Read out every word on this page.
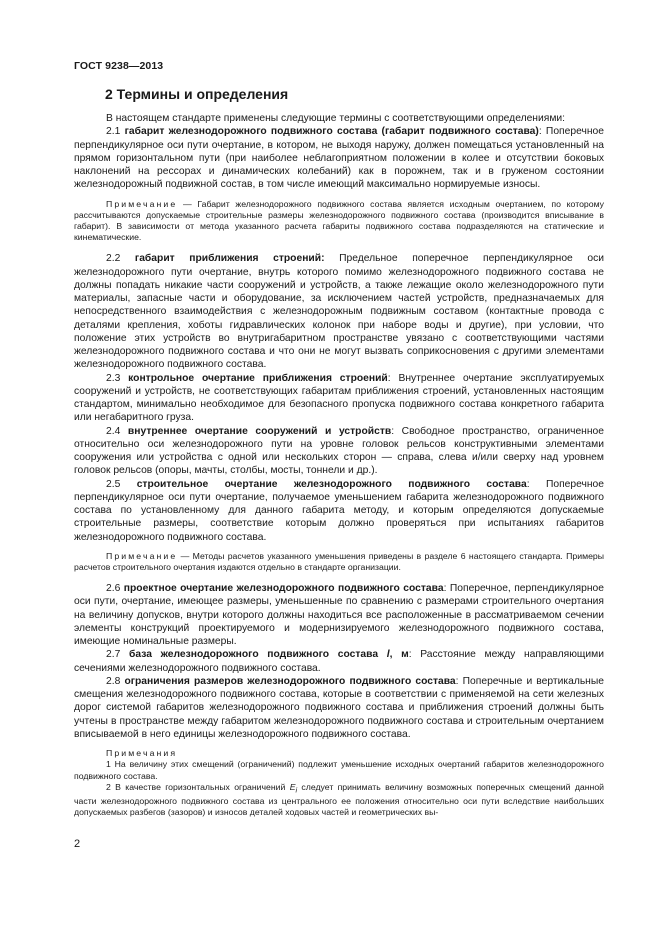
ГОСТ 9238—2013
2 Термины и определения

В настоящем стандарте применены следующие термины с соответствующими определениями:

2.1 габарит железнодорожного подвижного состава (габарит подвижного состава): Поперечное перпендикулярное оси пути очертание, в котором, не выходя наружу, должен помещаться установленный на прямом горизонтальном пути (при наиболее неблагоприятном положении в колее и отсутствии боковых наклонений на рессорах и динамических колебаний) как в порожнем, так и в груженом состоянии железнодорожный подвижной состав, в том числе имеющий максимально нормируемые износы.

Примечание — Габарит железнодорожного подвижного состава является исходным очертанием, по которому рассчитываются допускаемые строительные размеры железнодорожного подвижного состава (производится вписывание в габарит). В зависимости от метода указанного расчета габариты подвижного состава подразделяются на статические и кинематические.

2.2 габарит приближения строений: Предельное поперечное перпендикулярное оси железнодорожного пути очертание, внутрь которого помимо железнодорожного подвижного состава не должны попадать никакие части сооружений и устройств, а также лежащие около железнодорожного пути материалы, запасные части и оборудование, за исключением частей устройств, предназначаемых для непосредственного взаимодействия с железнодорожным подвижным составом (контактные провода с деталями крепления, хоботы гидравлических колонок при наборе воды и другие), при условии, что положение этих устройств во внутригабаритном пространстве увязано с соответствующими частями железнодорожного подвижного состава и что они не могут вызвать соприкосновения с другими элементами железнодорожного подвижного состава.

2.3 контрольное очертание приближения строений: Внутреннее очертание эксплуатируемых сооружений и устройств, не соответствующих габаритам приближения строений, установленных настоящим стандартом, минимально необходимое для безопасного пропуска подвижного состава конкретного габарита или негабаритного груза.

2.4 внутреннее очертание сооружений и устройств: Свободное пространство, ограниченное относительно оси железнодорожного пути на уровне головок рельсов конструктивными элементами сооружения или устройства с одной или нескольких сторон — справа, слева и/или сверху над уровнем головок рельсов (опоры, мачты, столбы, мосты, тоннели и др.).

2.5 строительное очертание железнодорожного подвижного состава: Поперечное перпендикулярное оси пути очертание, получаемое уменьшением габарита железнодорожного подвижного состава по установленному для данного габарита методу, и которым определяются допускаемые строительные размеры, соответствие которым должно проверяться при испытаниях габаритов железнодорожного подвижного состава.

Примечание — Методы расчетов указанного уменьшения приведены в разделе 6 настоящего стандарта. Примеры расчетов строительного очертания издаются отдельно в стандарте организации.

2.6 проектное очертание железнодорожного подвижного состава: Поперечное, перпендикулярное оси пути, очертание, имеющее размеры, уменьшенные по сравнению с размерами строительного очертания на величину допусков, внутри которого должны находиться все расположенные в рассматриваемом сечении элементы конструкций проектируемого и модернизируемого железнодорожного подвижного состава, имеющие номинальные размеры.

2.7 база железнодорожного подвижного состава l, м: Расстояние между направляющими сечениями железнодорожного подвижного состава.

2.8 ограничения размеров железнодорожного подвижного состава: Поперечные и вертикальные смещения железнодорожного подвижного состава, которые в соответствии с применяемой на сети железных дорог системой габаритов железнодорожного подвижного состава и приближения строений должны быть учтены в пространстве между габаритом железнодорожного подвижного состава и строительным очертанием вписываемой в него единицы железнодорожного подвижного состава.

Примечания

1 На величину этих смещений (ограничений) подлежит уменьшение исходных очертаний габаритов железнодорожного подвижного состава.

2 В качестве горизонтальных ограничений $E_i$ следует принимать величину возможных поперечных смещений данной части железнодорожного подвижного состава из центрального ее положения относительно оси пути вследствие наибольших допускаемых разбегов (зазоров) и износов деталей ходовых частей и геометрических вы-

2
